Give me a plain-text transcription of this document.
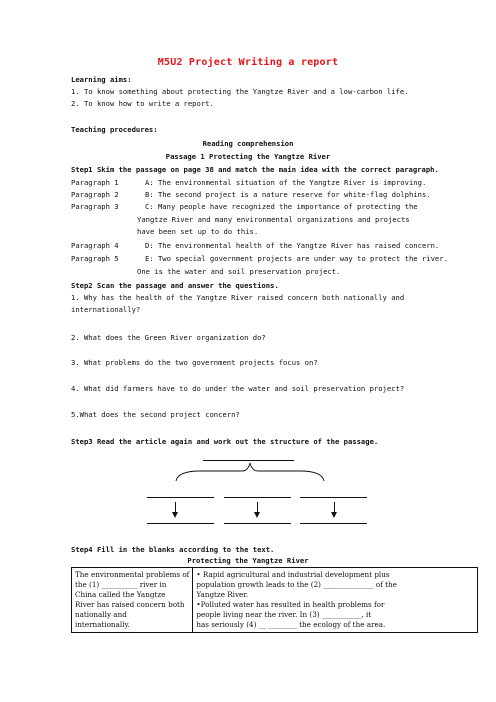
M5U2 Project Writing a report
Learning aims:
1. To know something about protecting the Yangtze River and a low-carbon life.
2. To know how to write a report.
Teaching procedures:
Reading comprehension
Passage 1 Protecting the Yangtze River
Step1 Skim the passage on page 38 and match the main idea with the correct paragraph.
Paragraph 1	A: The environmental situation of the Yangtze River is improving.
Paragraph 2	B: The second project is a nature reserve for white-flag dolphins.
Paragraph 3	C: Many people have recognized the importance of protecting the
Yangtze River and many environmental organizations and projects
have been set up to do this.
Paragraph 4	D: The environmental health of the Yangtze River has raised concern.
Paragraph 5	E: Two special government projects are under way to protect the river.
One is the water and soil preservation project.
Step2 Scan the passage and answer the questions.
1. Why has the health of the Yangtze River raised concern both nationally and
internationally?
2. What does the Green River organization do?
3. What problems do the two government projects focus on?
4. What did farmers have to do under the water and soil preservation project?
5.What does the second project concern?
Step3 Read the article again and work out the structure of the passage.
Step4 Fill in the blanks according to the text.
Protecting the Yangtze River
The environmental problems of
the (1) __________ river in
China called the Yangtze
River has raised concern both
nationally and
internationally.

• Rapid agricultural and industrial development plus
population growth leads to the (2) ______________ of the
Yangtze River.
•Polluted water has resulted in health problems for
people living near the river. In (3) ___________, it
has seriously (4) __ ________ the ecology of the area.
